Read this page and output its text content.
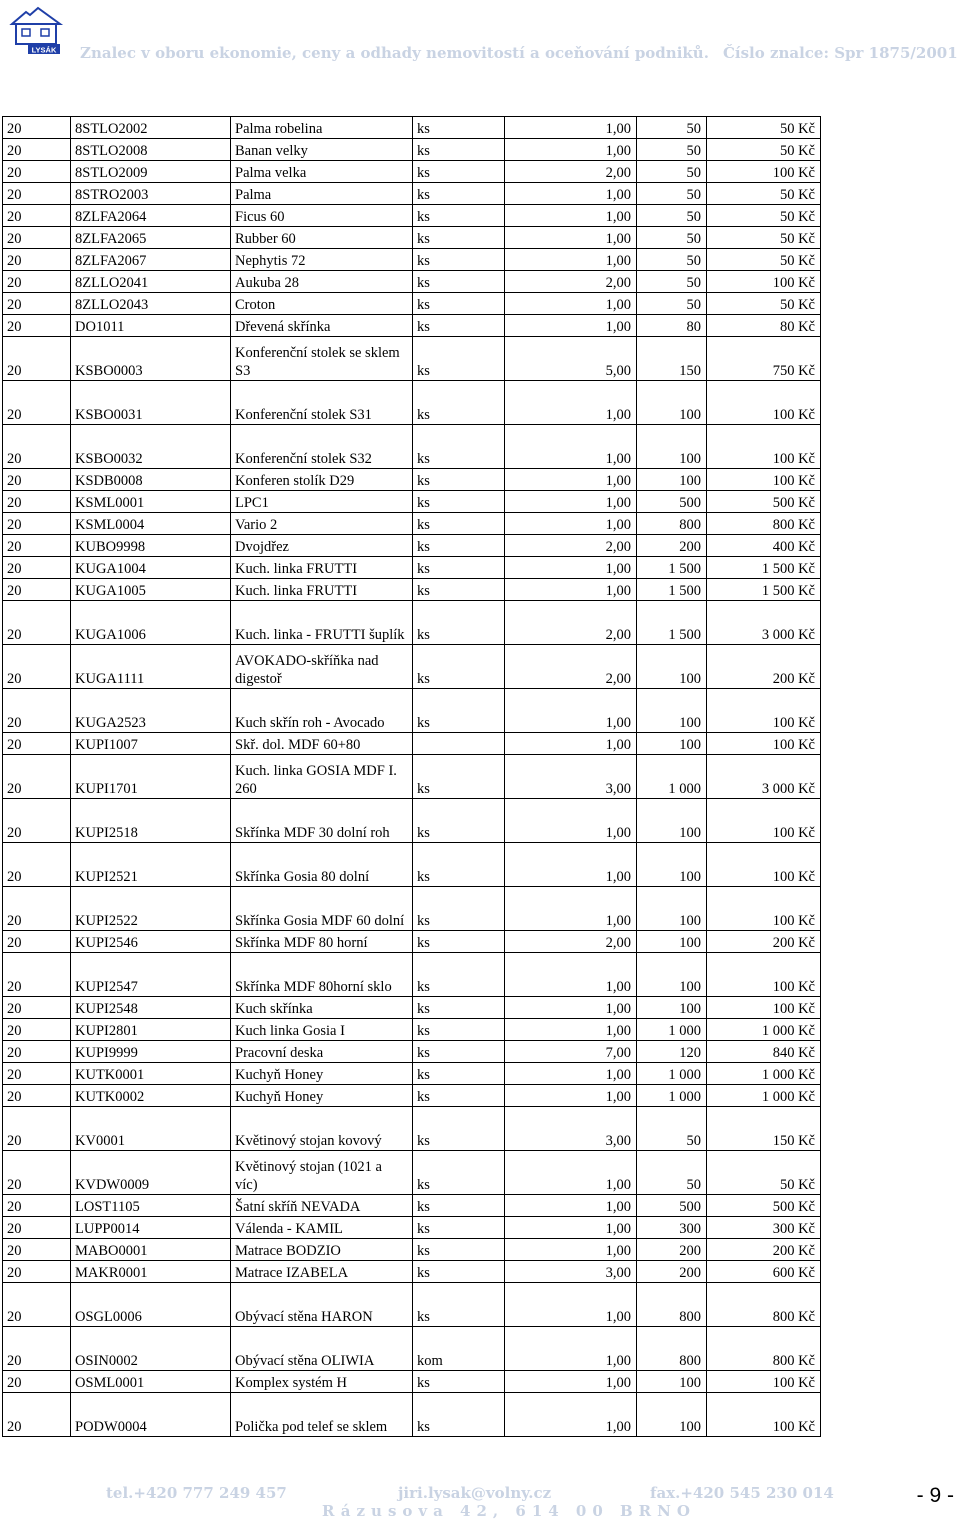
LYSÁK Znalec v oboru ekonomie, ceny a odhady nemovitostí a oceňování podniků. Číslo znalce: Spr 1875/2001
20	8STLO2002	Palma robelina	ks	1,00	50	50 Kč
20	8STLO2008	Banan velky	ks	1,00	50	50 Kč
20	8STLO2009	Palma velka	ks	2,00	50	100 Kč
20	8STRO2003	Palma	ks	1,00	50	50 Kč
20	8ZLFA2064	Ficus 60	ks	1,00	50	50 Kč
20	8ZLFA2065	Rubber 60	ks	1,00	50	50 Kč
20	8ZLFA2067	Nephytis 72	ks	1,00	50	50 Kč
20	8ZLLO2041	Aukuba 28	ks	2,00	50	100 Kč
20	8ZLLO2043	Croton	ks	1,00	50	50 Kč
20	DO1011	Dřevená skřínka	ks	1,00	80	80 Kč
20	KSBO0003	Konferenční stolek se sklem S3	ks	5,00	150	750 Kč
20	KSBO0031	Konferenční stolek S31	ks	1,00	100	100 Kč
20	KSBO0032	Konferenční stolek S32	ks	1,00	100	100 Kč
20	KSDB0008	Konferen stolík D29	ks	1,00	100	100 Kč
20	KSML0001	LPC1	ks	1,00	500	500 Kč
20	KSML0004	Vario 2	ks	1,00	800	800 Kč
20	KUBO9998	Dvojdřez	ks	2,00	200	400 Kč
20	KUGA1004	Kuch. linka FRUTTI	ks	1,00	1 500	1 500 Kč
20	KUGA1005	Kuch. linka FRUTTI	ks	1,00	1 500	1 500 Kč
20	KUGA1006	Kuch. linka - FRUTTI šuplík	ks	2,00	1 500	3 000 Kč
20	KUGA1111	AVOKADO-skříňka nad digestoř	ks	2,00	100	200 Kč
20	KUGA2523	Kuch skřín roh - Avocado	ks	1,00	100	100 Kč
20	KUPI1007	Skř. dol. MDF 60+80		1,00	100	100 Kč
20	KUPI1701	Kuch. linka GOSIA MDF I. 260	ks	3,00	1 000	3 000 Kč
20	KUPI2518	Skřínka MDF 30 dolní roh	ks	1,00	100	100 Kč
20	KUPI2521	Skřínka Gosia 80 dolní	ks	1,00	100	100 Kč
20	KUPI2522	Skřínka Gosia MDF 60 dolní	ks	1,00	100	100 Kč
20	KUPI2546	Skřínka MDF 80 horní	ks	2,00	100	200 Kč
20	KUPI2547	Skřínka MDF 80horní sklo	ks	1,00	100	100 Kč
20	KUPI2548	Kuch skřínka	ks	1,00	100	100 Kč
20	KUPI2801	Kuch linka Gosia I	ks	1,00	1 000	1 000 Kč
20	KUPI9999	Pracovní deska	ks	7,00	120	840 Kč
20	KUTK0001	Kuchyň Honey	ks	1,00	1 000	1 000 Kč
20	KUTK0002	Kuchyň Honey	ks	1,00	1 000	1 000 Kč
20	KV0001	Květinový stojan kovový	ks	3,00	50	150 Kč
20	KVDW0009	Květinový stojan (1021 a víc)	ks	1,00	50	50 Kč
20	LOST1105	Šatní skříň NEVADA	ks	1,00	500	500 Kč
20	LUPP0014	Válenda - KAMIL	ks	1,00	300	300 Kč
20	MABO0001	Matrace BODZIO	ks	1,00	200	200 Kč
20	MAKR0001	Matrace IZABELA	ks	3,00	200	600 Kč
20	OSGL0006	Obývací stěna HARON	ks	1,00	800	800 Kč
20	OSIN0002	Obývací stěna OLIWIA	kom	1,00	800	800 Kč
20	OSML0001	Komplex systém H	ks	1,00	100	100 Kč
20	PODW0004	Polička pod telef se sklem	ks	1,00	100	100 Kč
tel.+420 777 249 457	jiri.lysak@volny.cz	fax.+420 545 230 014
Rázusova 42, 614 00 BRNO
- 9 -
